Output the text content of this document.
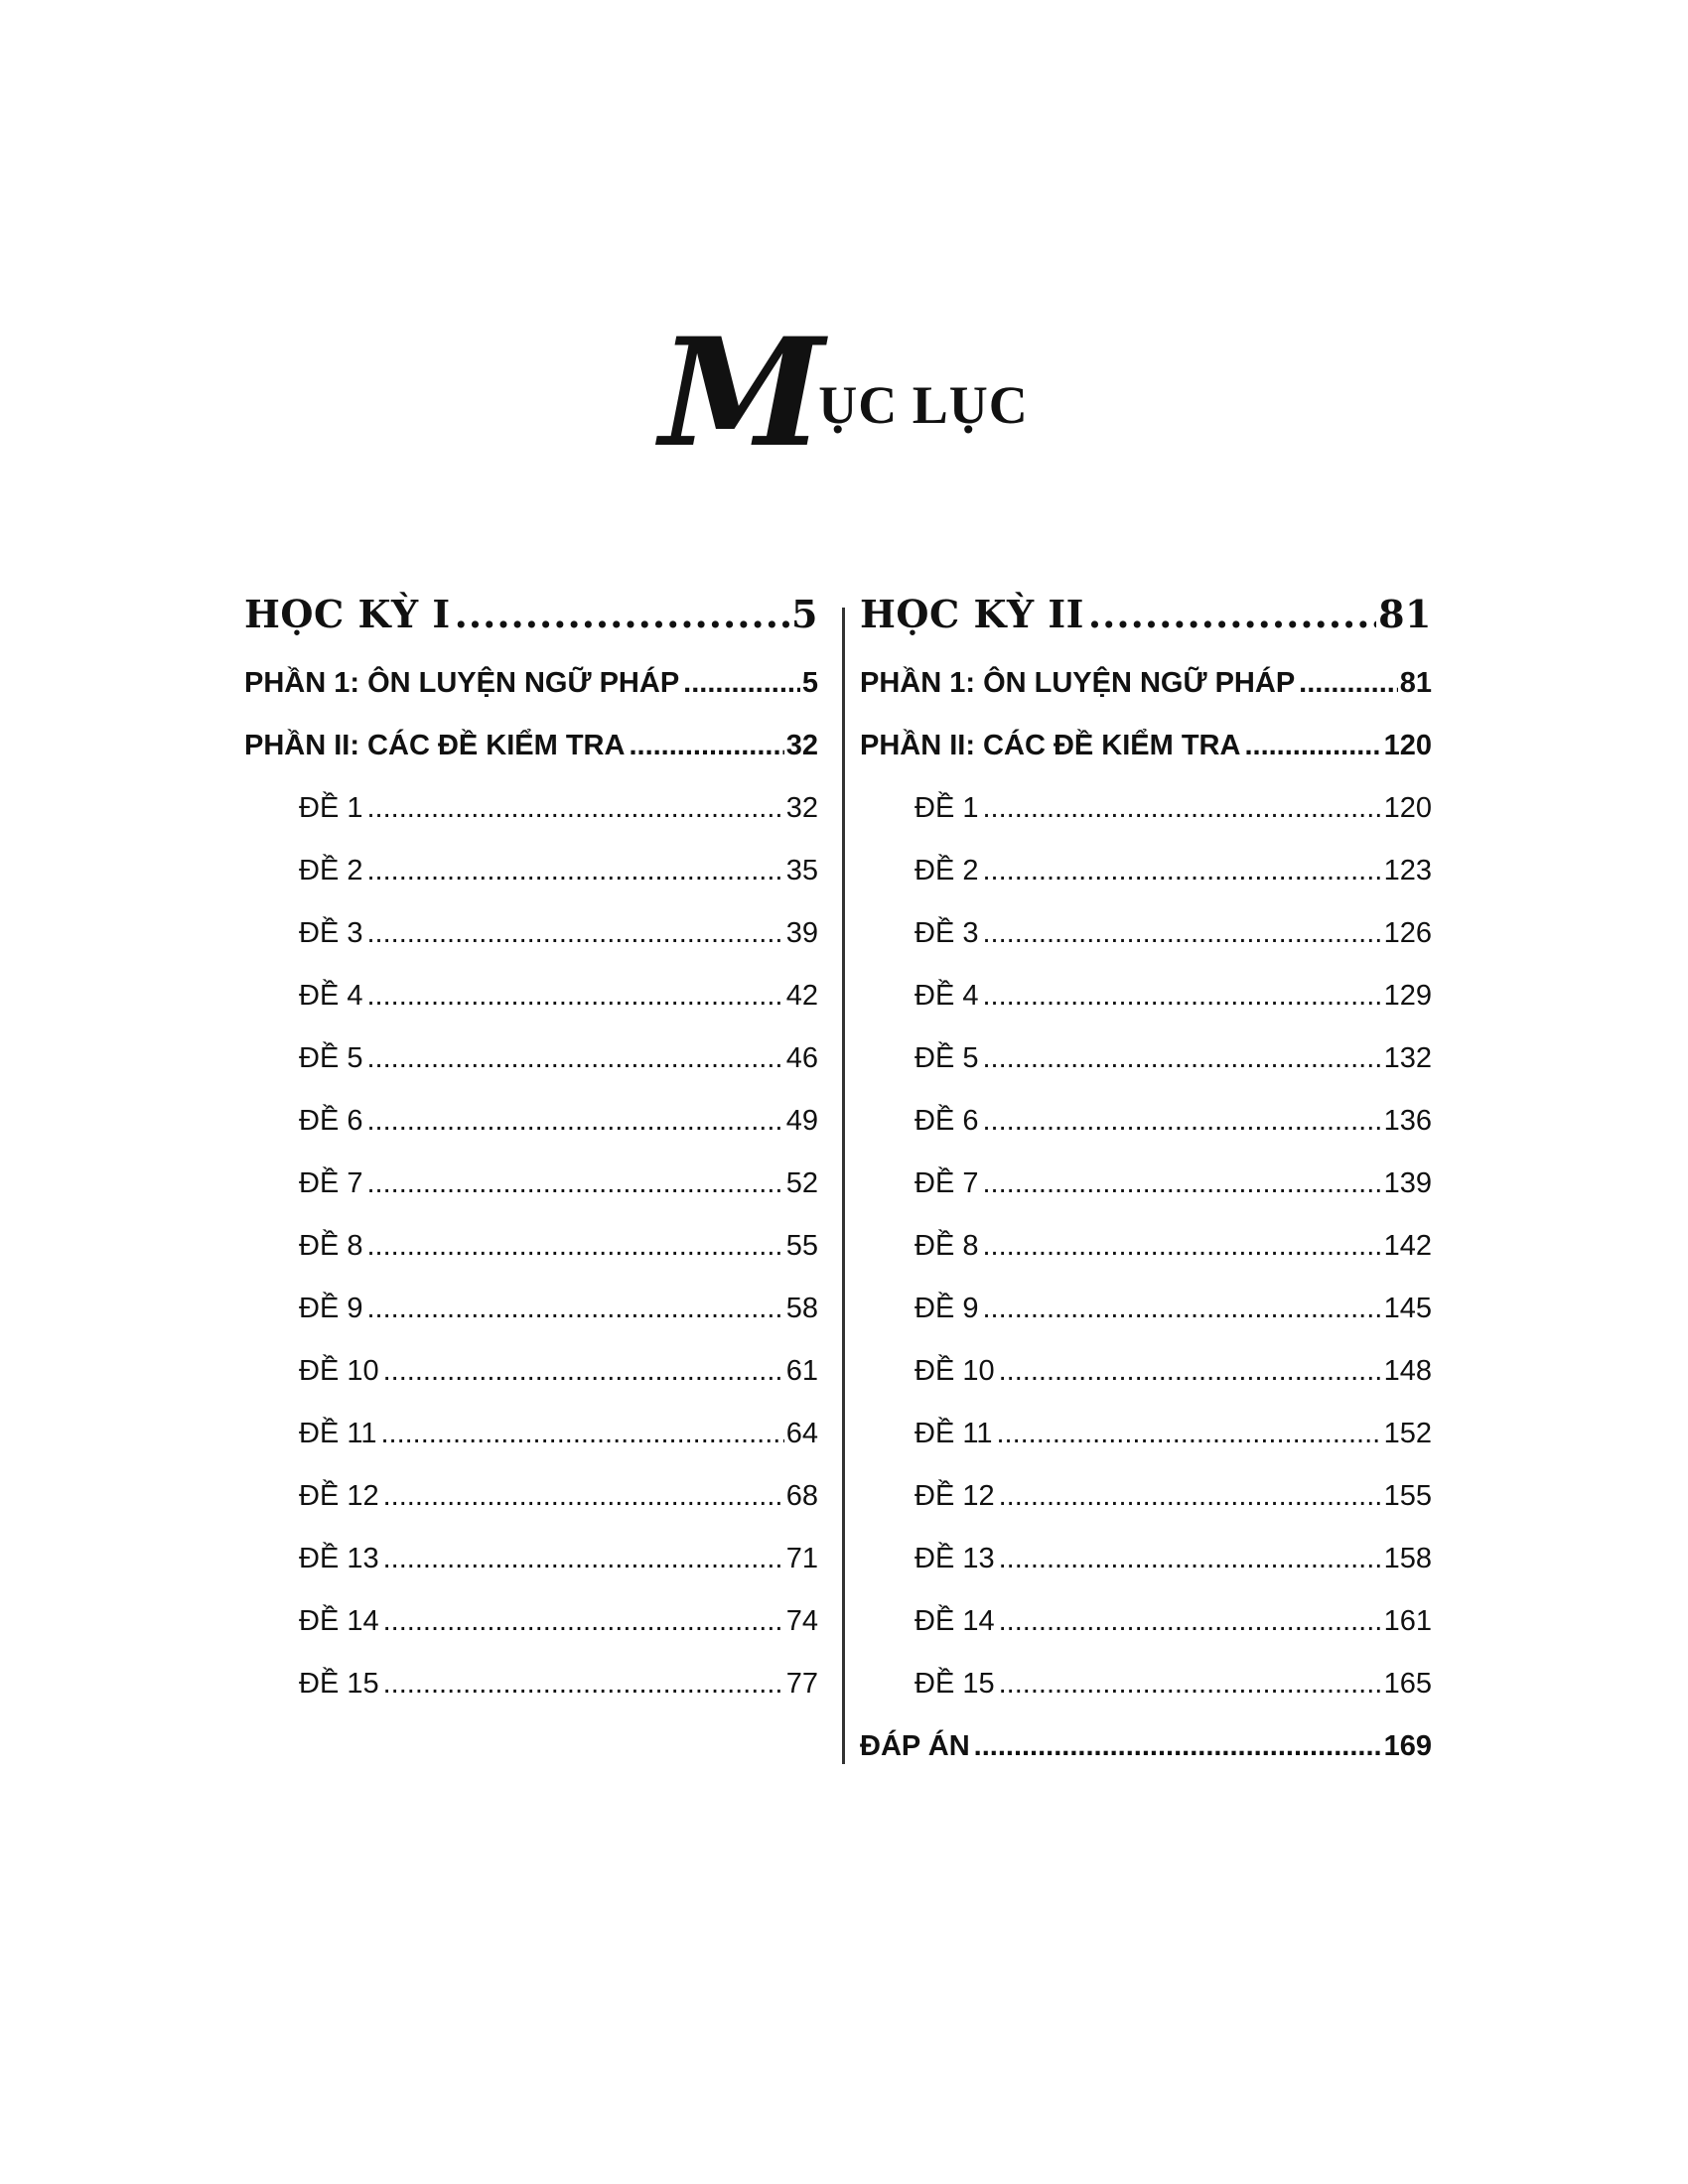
MỤC LỤC
HỌC KỲ I .....	5
PHẦN 1: ÔN LUYỆN NGỮ PHÁP .....	5
PHẦN II: CÁC ĐỀ KIỂM TRA .....	32
ĐỀ 1 .....	32
ĐỀ 2 .....	35
ĐỀ 3 .....	39
ĐỀ 4 .....	42
ĐỀ 5 .....	46
ĐỀ 6 .....	49
ĐỀ 7 .....	52
ĐỀ 8 .....	55
ĐỀ 9 .....	58
ĐỀ 10 .....	61
ĐỀ 11 .....	64
ĐỀ 12 .....	68
ĐỀ 13 .....	71
ĐỀ 14 .....	74
ĐỀ 15 .....	77
HỌC KỲ II .....	81
PHẦN 1: ÔN LUYỆN NGỮ PHÁP .....	81
PHẦN II: CÁC ĐỀ KIỂM TRA .....	120
ĐỀ 1 .....	120
ĐỀ 2 .....	123
ĐỀ 3 .....	126
ĐỀ 4 .....	129
ĐỀ 5 .....	132
ĐỀ 6 .....	136
ĐỀ 7 .....	139
ĐỀ 8 .....	142
ĐỀ 9 .....	145
ĐỀ 10 .....	148
ĐỀ 11 .....	152
ĐỀ 12 .....	155
ĐỀ 13 .....	158
ĐỀ 14 .....	161
ĐỀ 15 .....	165
ĐÁP ÁN .....	169
